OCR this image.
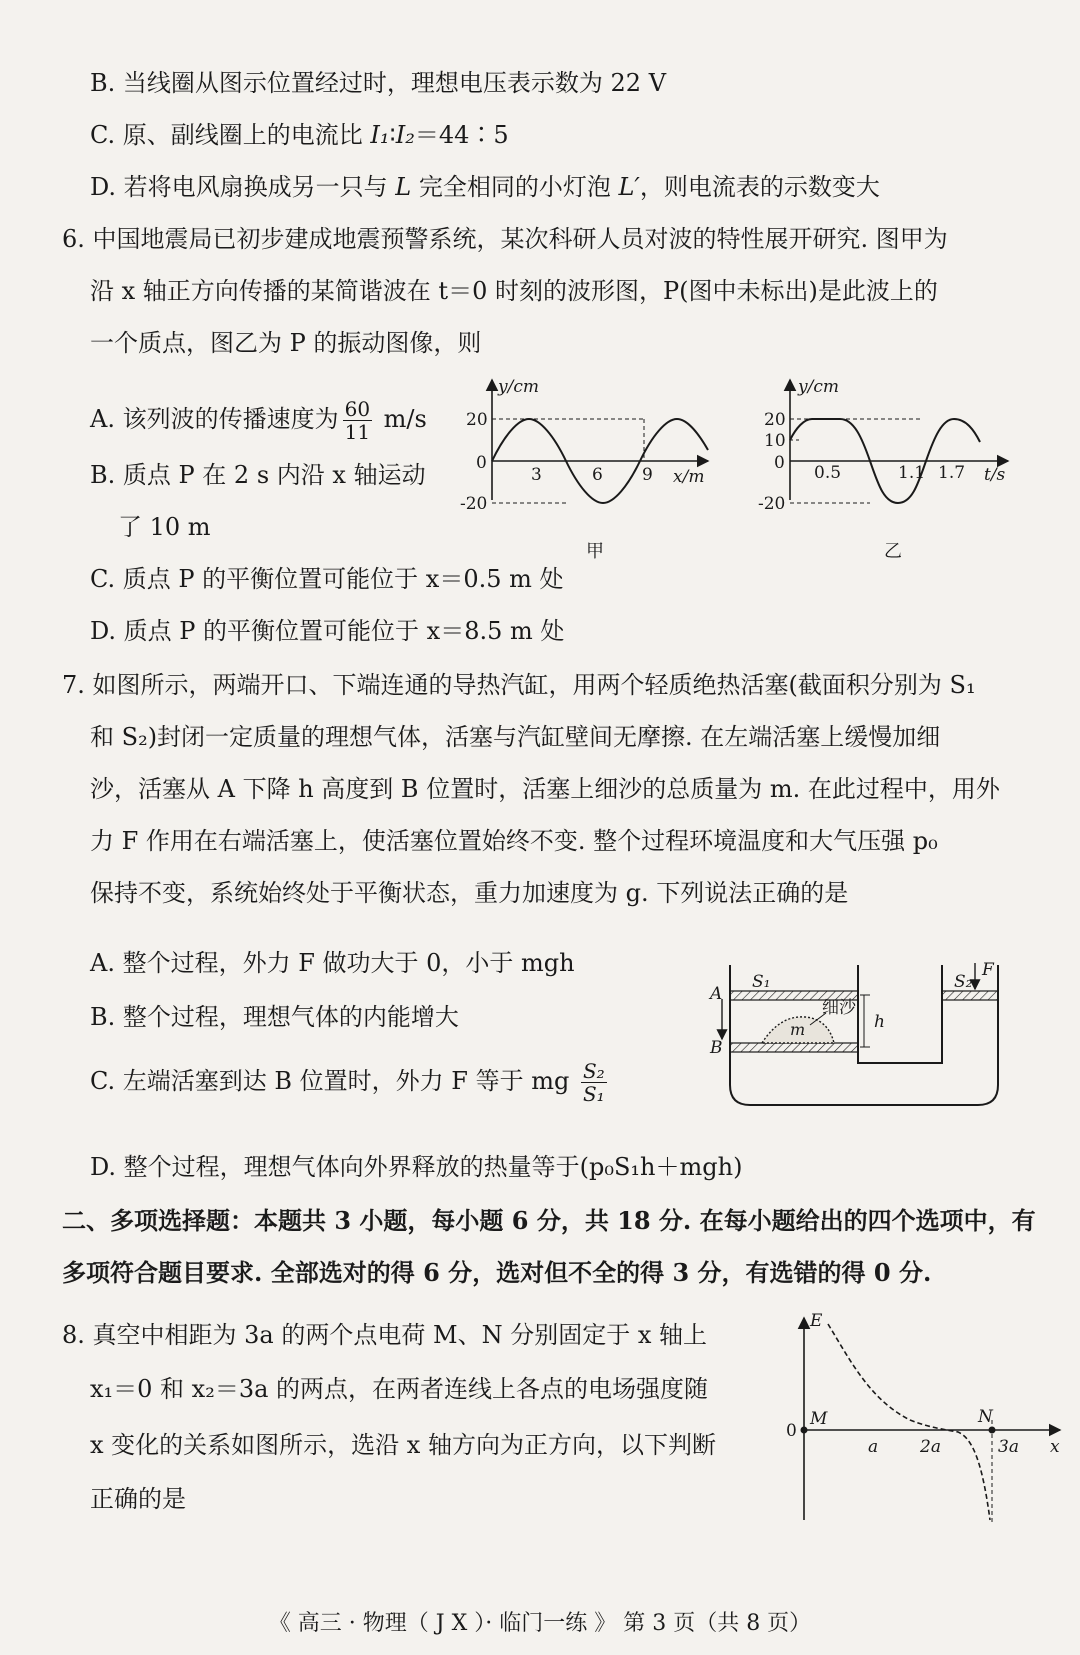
B. 当线圈从图示位置经过时，理想电压表示数为 22 V
C. 原、副线圈上的电流比 I₁∶I₂＝44∶5
D. 若将电风扇换成另一只与 L 完全相同的小灯泡 L′，则电流表的示数变大
6. 中国地震局已初步建成地震预警系统，某次科研人员对波的特性展开研究. 图甲为
沿 x 轴正方向传播的某简谐波在 t＝0 时刻的波形图，P(图中未标出)是此波上的
一个质点，图乙为 P 的振动图像，则
A. 该列波的传播速度为 $\frac{60}{11} m/s$
B. 质点 P 在 2 s 内沿 x 轴运动
了 10 m
C. 质点 P 的平衡位置可能位于 x＝0.5 m 处
D. 质点 P 的平衡位置可能位于 x＝8.5 m 处
y/cm
x/m
20
0
-20
3	6 9
甲
y/cm
t/s
20
10
0
-20
0.5	1.1 1.7
乙
7. 如图所示，两端开口、下端连通的导热汽缸，用两个轻质绝热活塞(截面积分别为 S₁
和 S₂)封闭一定质量的理想气体，活塞与汽缸壁间无摩擦. 在左端活塞上缓慢加细
沙，活塞从 A 下降 h 高度到 B 位置时，活塞上细沙的总质量为 m. 在此过程中，用外
力 F 作用在右端活塞上，使活塞位置始终不变. 整个过程环境温度和大气压强 p₀
保持不变，系统始终处于平衡状态，重力加速度为 g. 下列说法正确的是
A. 整个过程，外力 F 做功大于 0，小于 mgh
B. 整个过程，理想气体的内能增大
C. 左端活塞到达 B 位置时，外力 F 等于 mg $\frac{\text{S₂}}{\text{S₁}}$
D. 整个过程，理想气体向外界释放的热量等于(p₀S₁h＋mgh)
S₁	S₂
F
A
B
h
m
细沙
二、多项选择题：本题共 3 小题，每小题 6 分，共 18 分. 在每小题给出的四个选项中，有
多项符合题目要求. 全部选对的得 6 分，选对但不全的得 3 分，有选错的得 0 分.
8. 真空中相距为 3a 的两个点电荷 M、N 分别固定于 x 轴上
x₁＝0 和 x₂＝3a 的两点，在两者连线上各点的电场强度随
x 变化的关系如图所示，选沿 x 轴方向为正方向，以下判断
正确的是
E
M	N
0
x
a 2a	3a
《 高三 · 物理（ J X ）· 临门一练 》 第 3 页（共 8 页）
